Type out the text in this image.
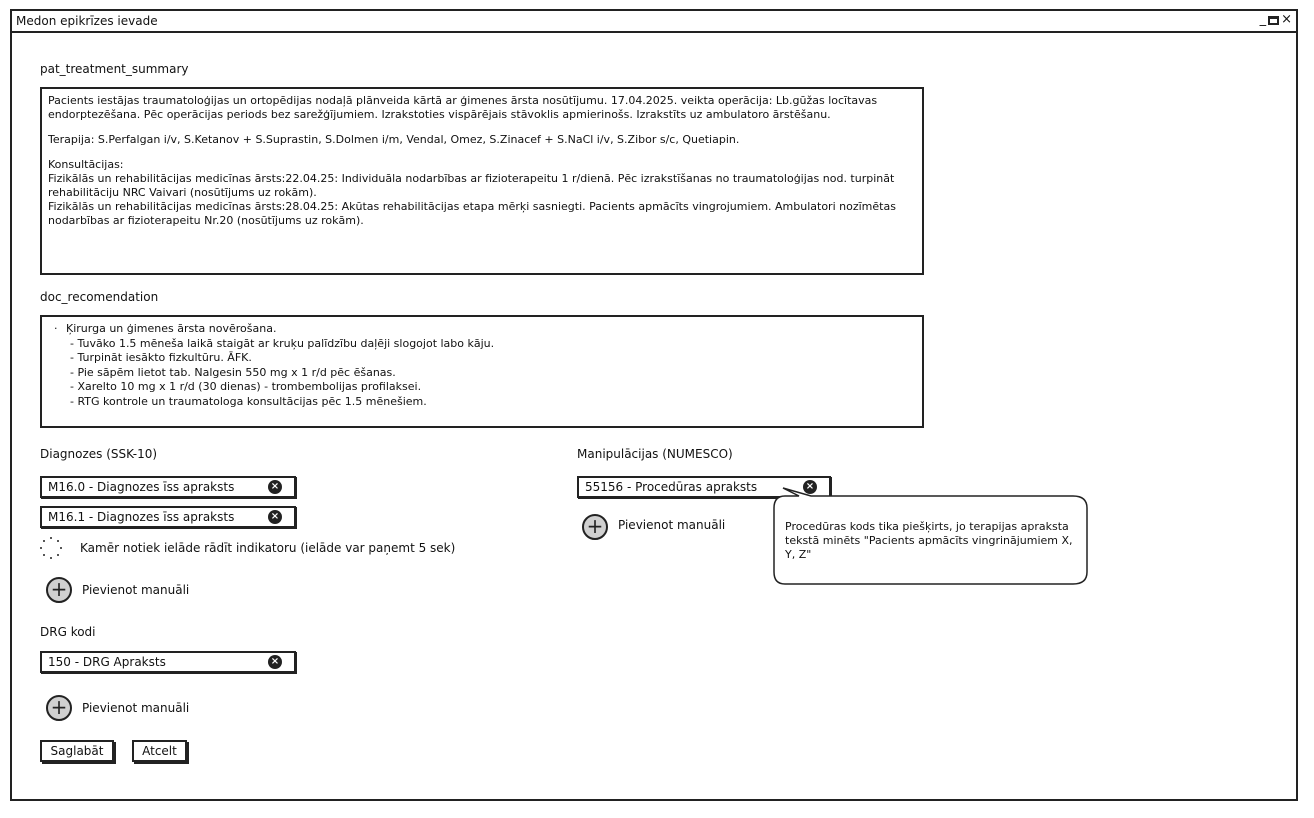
Medon epikrīzes ievade	_ ×
pat_treatment_summary

Pacients iestājas traumatoloģijas un ortopēdijas nodaļā plānveida kārtā ar ģimenes ārsta nosūtījumu. 17.04.2025. veikta operācija: Lb.gūžas locītavas endorptezēšana. Pēc operācijas periods bez sarežģījumiem. Izrakstoties vispārējais stāvoklis apmierinošs. Izrakstīts uz ambulatoro ārstēšanu.

Terapija: S.Perfalgan i/v, S.Ketanov + S.Suprastin, S.Dolmen i/m, Vendal, Omez, S.Zinacef + S.NaCl i/v, S.Zibor s/c, Quetiapin.

Konsultācijas:
Fizikālās un rehabilitācijas medicīnas ārsts:22.04.25: Individuāla nodarbības ar fizioterapeitu 1 r/dienā. Pēc izrakstīšanas no traumatoloģijas nod. turpināt rehabilitāciju NRC Vaivari (nosūtījums uz rokām).
Fizikālās un rehabilitācijas medicīnas ārsts:28.04.25: Akūtas rehabilitācijas etapa mērķi sasniegti. Pacients apmācīts vingrojumiem. Ambulatori nozīmētas nodarbības ar fizioterapeitu Nr.20 (nosūtījums uz rokām).

doc_recomendation
· Ķirurga un ģimenes ārsta novērošana.
- Tuvāko 1.5 mēneša laikā staigāt ar kruķu palīdzību daļēji slogojot labo kāju.
- Turpināt iesākto fizkultūru. ĀFK.
- Pie sāpēm lietot tab. Nalgesin 550 mg x 1 r/d pēc ēšanas.
- Xarelto 10 mg x 1 r/d (30 dienas) - trombembolijas profilaksei.
- RTG kontrole un traumatologa konsultācijas pēc 1.5 mēnešiem.
Diagnozes (SSK-10)
M16.0 - Diagnozes īss apraksts	×
M16.1 - Diagnozes īss apraksts	×
Kamēr notiek ielāde rādīt indikatoru (ielāde var paņemt 5 sek)
+	Pievienot manuāli
DRG kodi
150 - DRG Apraksts	×
+	Pievienot manuāli
Saglabāt	Atcelt
Manipulācijas (NUMESCO)
55156 - Procedūras apraksts	×
+	Pievienot manuāli	Procedūras kods tika piešķirts, jo terapijas apraksta tekstā minēts "Pacients apmācīts vingrinājumiem X, Y, Z"
